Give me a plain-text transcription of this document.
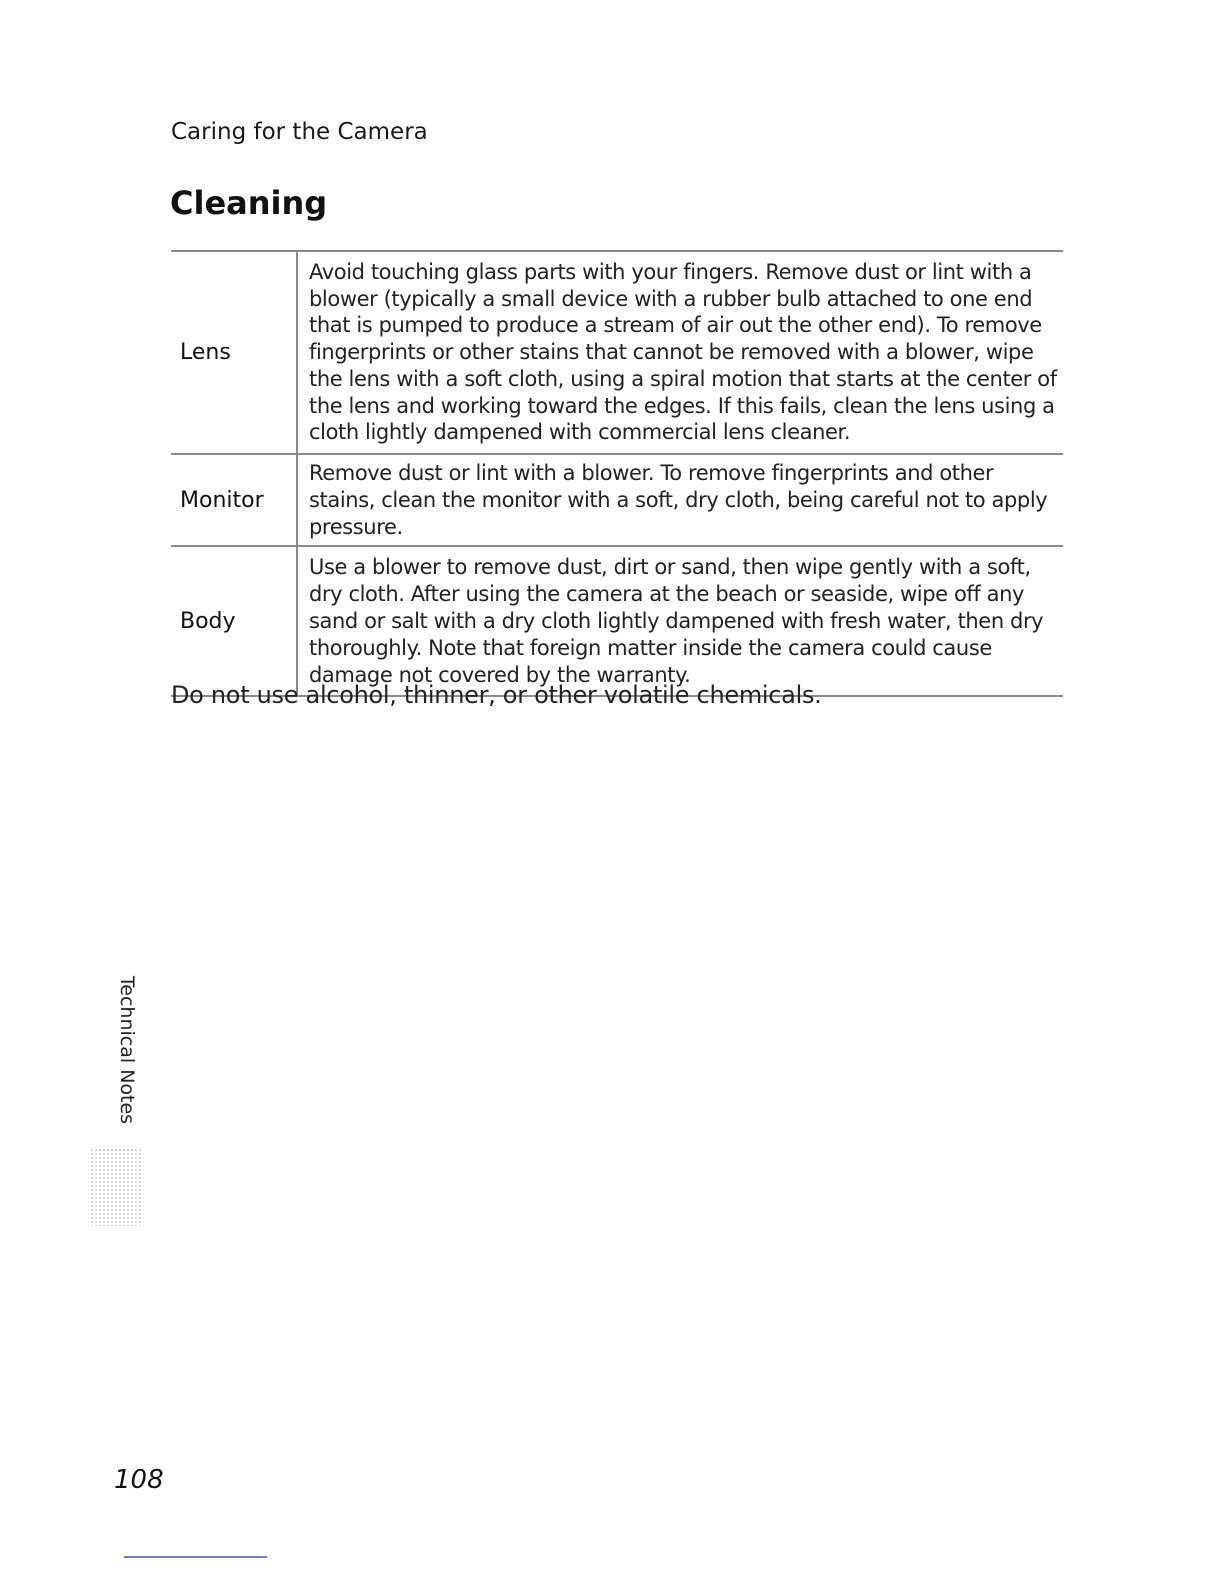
Caring for the Camera
Cleaning
Lens	Avoid touching glass parts with your fingers. Remove dust or lint with a blower (typically a small device with a rubber bulb attached to one end that is pumped to produce a stream of air out the other end). To remove fingerprints or other stains that cannot be removed with a blower, wipe the lens with a soft cloth, using a spiral motion that starts at the center of the lens and working toward the edges. If this fails, clean the lens using a cloth lightly dampened with commercial lens cleaner.
Monitor	Remove dust or lint with a blower. To remove fingerprints and other stains, clean the monitor with a soft, dry cloth, being careful not to apply pressure.
Body	Use a blower to remove dust, dirt or sand, then wipe gently with a soft, dry cloth. After using the camera at the beach or seaside, wipe off any sand or salt with a dry cloth lightly dampened with fresh water, then dry thoroughly. Note that foreign matter inside the camera could cause damage not covered by the warranty.
Do not use alcohol, thinner, or other volatile chemicals.
Technical Notes
108
